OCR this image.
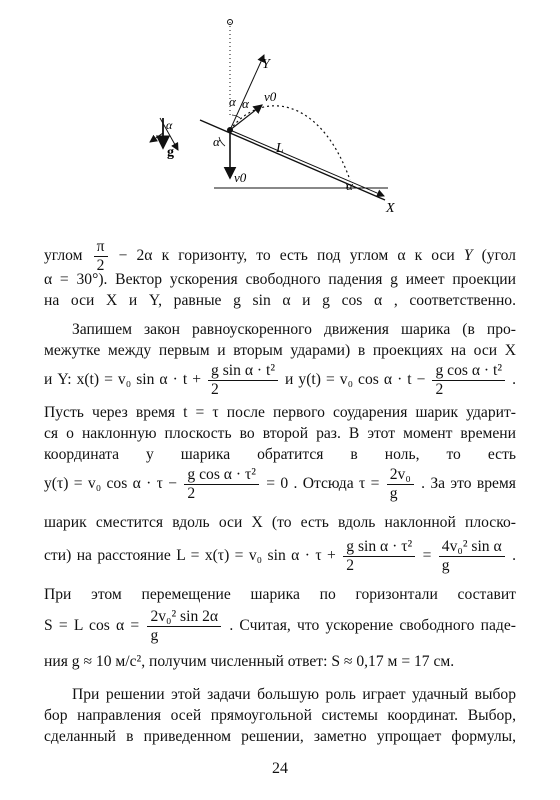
Y
X
L
α α
α
α
v0
v0
α
g
углом $\frac{\pi}{2} - 2\alpha$ к горизонту, то есть под углом α к оси Y (угол
α = 30°). Вектор ускорения свободного падения g имеет проекции
на оси X и Y, равные g sin α и g cos α , соответственно.
Запишем закон равноускоренного движения шарика (в про-
межутке между первым и вторым ударами) в проекциях на оси X
и Y: x(t) = v₀ $\sin \alpha \cdot t + \frac{\text{g sin α · t²}}{2}$ и y(t) = v₀ $\cos \alpha \cdot t - \frac{\text{g cos α · t²}}{2}$ .
Пусть через время t = τ после первого соударения шарик ударит-
ся о наклонную плоскость во второй раз. В этот момент времени
координата y шарика обратится в ноль, то есть
y(τ) = v₀ $\cos \alpha \cdot \tau - \frac{\text{g cos α · τ²}}{2} = 0$ . Отсюда $\tau = \frac{\text{2v₀}}{g}$ . За это время
шарик сместится вдоль оси X (то есть вдоль наклонной плоско-
сти) на расстояние L = x(τ) = v₀ $\sin \alpha \cdot \tau + \frac{\text{g sin α · τ²}}{2} = \frac{\text{4v₀² sin α}}{g}$ .
При этом перемещение шарика по горизонтали составит
S = L $\cos \alpha = \frac{\text{2v₀² sin 2α}}{g}$ . Считая, что ускорение свободного паде-
ния g ≈ 10 м/с², получим численный ответ: S ≈ 0,17 м = 17 см.
При решении этой задачи большую роль играет удачный выбор
бор направления осей прямоугольной системы координат. Выбор,
сделанный в приведенном решении, заметно упрощает формулы,
24
